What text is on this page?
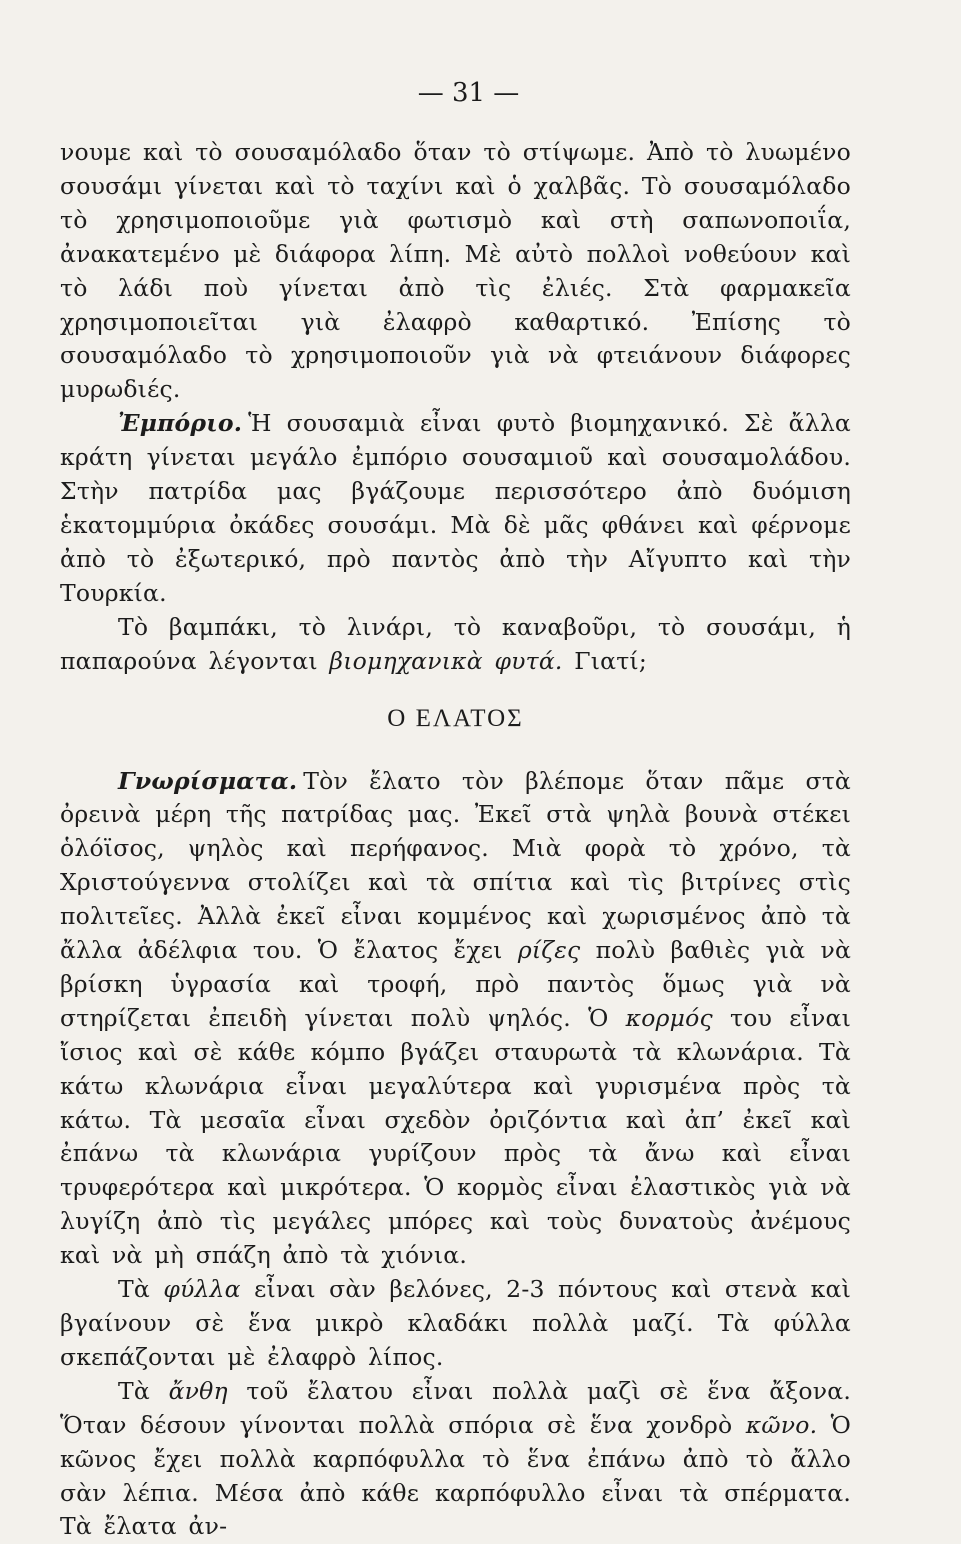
— 31 —

νουμε καὶ τὸ σουσαμόλαδο ὅταν τὸ στίψωμε. Ἀπὸ τὸ λυωμένο σουσάμι γίνεται καὶ τὸ ταχίνι καὶ ὁ χαλβᾶς. Τὸ σουσαμόλαδο τὸ χρησιμοποιοῦμε γιὰ φωτισμὸ καὶ στὴ σαπωνοποιΐα, ἀνακατεμένο μὲ διάφορα λίπη. Μὲ αὐτὸ πολλοὶ νοθεύουν καὶ τὸ λάδι ποὺ γίνεται ἀπὸ τὶς ἐλιές. Στὰ φαρμακεῖα χρησιμοποιεῖται γιὰ ἐλαφρὸ καθαρτικό. Ἐπίσης τὸ σουσαμόλαδο τὸ χρησιμοποιοῦν γιὰ νὰ φτειάνουν διάφορες μυρωδιές.

Ἐμπόριο. Ἡ σουσαμιὰ εἶναι φυτὸ βιομηχανικό. Σὲ ἄλλα κράτη γίνεται μεγάλο ἐμπόριο σουσαμιοῦ καὶ σουσαμολάδου. Στὴν πατρίδα μας βγάζουμε περισσότερο ἀπὸ δυόμιση ἑκατομμύρια ὀκάδες σουσάμι. Μὰ δὲ μᾶς φθάνει καὶ φέρνομε ἀπὸ τὸ ἐξωτερικό, πρὸ παντὸς ἀπὸ τὴν Αἴγυπτο καὶ τὴν Τουρκία.

Τὸ βαμπάκι, τὸ λινάρι, τὸ καναβοῦρι, τὸ σουσάμι, ἡ παπαρούνα λέγονται βιομηχανικὰ φυτά. Γιατί;

Ο ΕΛΑΤΟΣ

Γνωρίσματα. Τὸν ἔλατο τὸν βλέπομε ὅταν πᾶμε στὰ ὀρεινὰ μέρη τῆς πατρίδας μας. Ἐκεῖ στὰ ψηλὰ βουνὰ στέκει ὁλόϊσος, ψηλὸς καὶ περήφανος. Μιὰ φορὰ τὸ χρόνο, τὰ Χριστούγεννα στολίζει καὶ τὰ σπίτια καὶ τὶς βιτρίνες στὶς πολιτεῖες. Ἀλλὰ ἐκεῖ εἶναι κομμένος καὶ χωρισμένος ἀπὸ τὰ ἄλλα ἀδέλφια του. Ὁ ἔλατος ἔχει ρίζες πολὺ βαθιὲς γιὰ νὰ βρίσκη ὑγρασία καὶ τροφή, πρὸ παντὸς ὅμως γιὰ νὰ στηρίζεται ἐπειδὴ γίνεται πολὺ ψηλός. Ὁ κορμός του εἶναι ἴσιος καὶ σὲ κάθε κόμπο βγάζει σταυρωτὰ τὰ κλωνάρια. Τὰ κάτω κλωνάρια εἶναι μεγαλύτερα καὶ γυρισμένα πρὸς τὰ κάτω. Τὰ μεσαῖα εἶναι σχεδὸν ὀριζόντια καὶ ἀπ’ ἐκεῖ καὶ ἐπάνω τὰ κλωνάρια γυρίζουν πρὸς τὰ ἄνω καὶ εἶναι τρυφερότερα καὶ μικρότερα. Ὁ κορμὸς εἶναι ἐλαστικὸς γιὰ νὰ λυγίζη ἀπὸ τὶς μεγάλες μπόρες καὶ τοὺς δυνατοὺς ἀνέμους καὶ νὰ μὴ σπάζη ἀπὸ τὰ χιόνια.

Τὰ φύλλα εἶναι σὰν βελόνες, 2-3 πόντους καὶ στενὰ καὶ βγαίνουν σὲ ἕνα μικρὸ κλαδάκι πολλὰ μαζί. Τὰ φύλλα σκεπάζονται μὲ ἐλαφρὸ λίπος.

Τὰ ἄνθη τοῦ ἔλατου εἶναι πολλὰ μαζὶ σὲ ἕνα ἄξονα. Ὅταν δέσουν γίνονται πολλὰ σπόρια σὲ ἕνα χονδρὸ κῶνο. Ὁ κῶνος ἔχει πολλὰ καρπόφυλλα τὸ ἕνα ἐπάνω ἀπὸ τὸ ἄλλο σὰν λέπια. Μέσα ἀπὸ κάθε καρπόφυλλο εἶναι τὰ σπέρματα. Τὰ ἔλατα ἀν-
